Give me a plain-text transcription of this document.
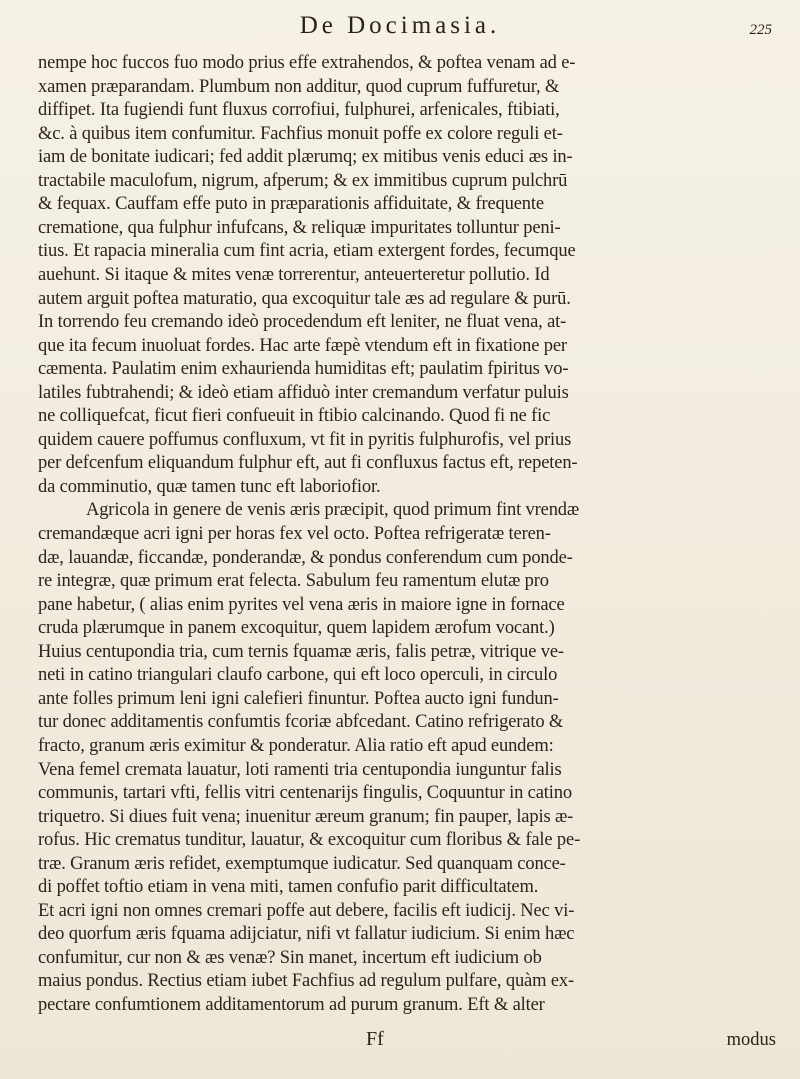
De Docimasia.	225
nempe hoc fuccos fuo modo prius effe extrahendos, & poftea venam ad e-
xamen præparandam. Plumbum non additur, quod cuprum fuffuretur, &
diffipet. Ita fugiendi funt fluxus corrofiui, fulphurei, arfenicales, ftibiati,
&c. à quibus item confumitur. Fachfius monuit poffe ex colore reguli et-
iam de bonitate iudicari; fed addit plærumq; ex mitibus venis educi æs in-
tractabile maculofum, nigrum, afperum; & ex immitibus cuprum pulchrū
& fequax. Cauffam effe puto in præparationis affiduitate, & frequente
crematione, qua fulphur infufcans, & reliquæ impuritates tolluntur peni-
tius. Et rapacia mineralia cum fint acria, etiam extergent fordes, fecumque
auehunt. Si itaque & mites venæ torrerentur, anteuerteretur pollutio. Id
autem arguit poftea maturatio, qua excoquitur tale æs ad regulare & purū.
In torrendo feu cremando ideò procedendum eft leniter, ne fluat vena, at-
que ita fecum inuoluat fordes. Hac arte fæpè vtendum eft in fixatione per
cæmenta. Paulatim enim exhaurienda humiditas eft; paulatim fpiritus vo-
latiles fubtrahendi; & ideò etiam affiduò inter cremandum verfatur puluis
ne colliquefcat, ficut fieri confueuit in ftibio calcinando. Quod fi ne fic
quidem cauere poffumus confluxum, vt fit in pyritis fulphurofis, vel prius
per defcenfum eliquandum fulphur eft, aut fi confluxus factus eft, repeten-
da comminutio, quæ tamen tunc eft laboriofior.
Agricola in genere de venis æris præcipit, quod primum fint vrendæ
cremandæque acri igni per horas fex vel octo. Poftea refrigeratæ teren-
dæ, lauandæ, ficcandæ, ponderandæ, & pondus conferendum cum ponde-
re integræ, quæ primum erat felecta. Sabulum feu ramentum elutæ pro
pane habetur, ( alias enim pyrites vel vena æris in maiore igne in fornace
cruda plærumque in panem excoquitur, quem lapidem ærofum vocant.)
Huius centupondia tria, cum ternis fquamæ æris, falis petræ, vitrique ve-
neti in catino triangulari claufo carbone, qui eft loco operculi, in circulo
ante folles primum leni igni calefieri finuntur. Poftea aucto igni fundun-
tur donec additamentis confumtis fcoriæ abfcedant. Catino refrigerato &
fracto, granum æris eximitur & ponderatur. Alia ratio eft apud eundem:
Vena femel cremata lauatur, loti ramenti tria centupondia iunguntur falis
communis, tartari vfti, fellis vitri centenarijs fingulis, Coquuntur in catino
triquetro. Si diues fuit vena; inuenitur æreum granum; fin pauper, lapis æ-
rofus. Hic crematus tunditur, lauatur, & excoquitur cum floribus & fale pe-
træ. Granum æris refidet, exemptumque iudicatur. Sed quanquam conce-
di poffet toftio etiam in vena miti, tamen confufio parit difficultatem.
Et acri igni non omnes cremari poffe aut debere, facilis eft iudicij. Nec vi-
deo quorfum æris fquama adijciatur, nifi vt fallatur iudicium. Si enim hæc
confumitur, cur non & æs venæ? Sin manet, incertum eft iudicium ob
maius pondus. Rectius etiam iubet Fachfius ad regulum pulfare, quàm ex-
pectare confumtionem additamentorum ad purum granum. Eft & alter
Ff	modus
